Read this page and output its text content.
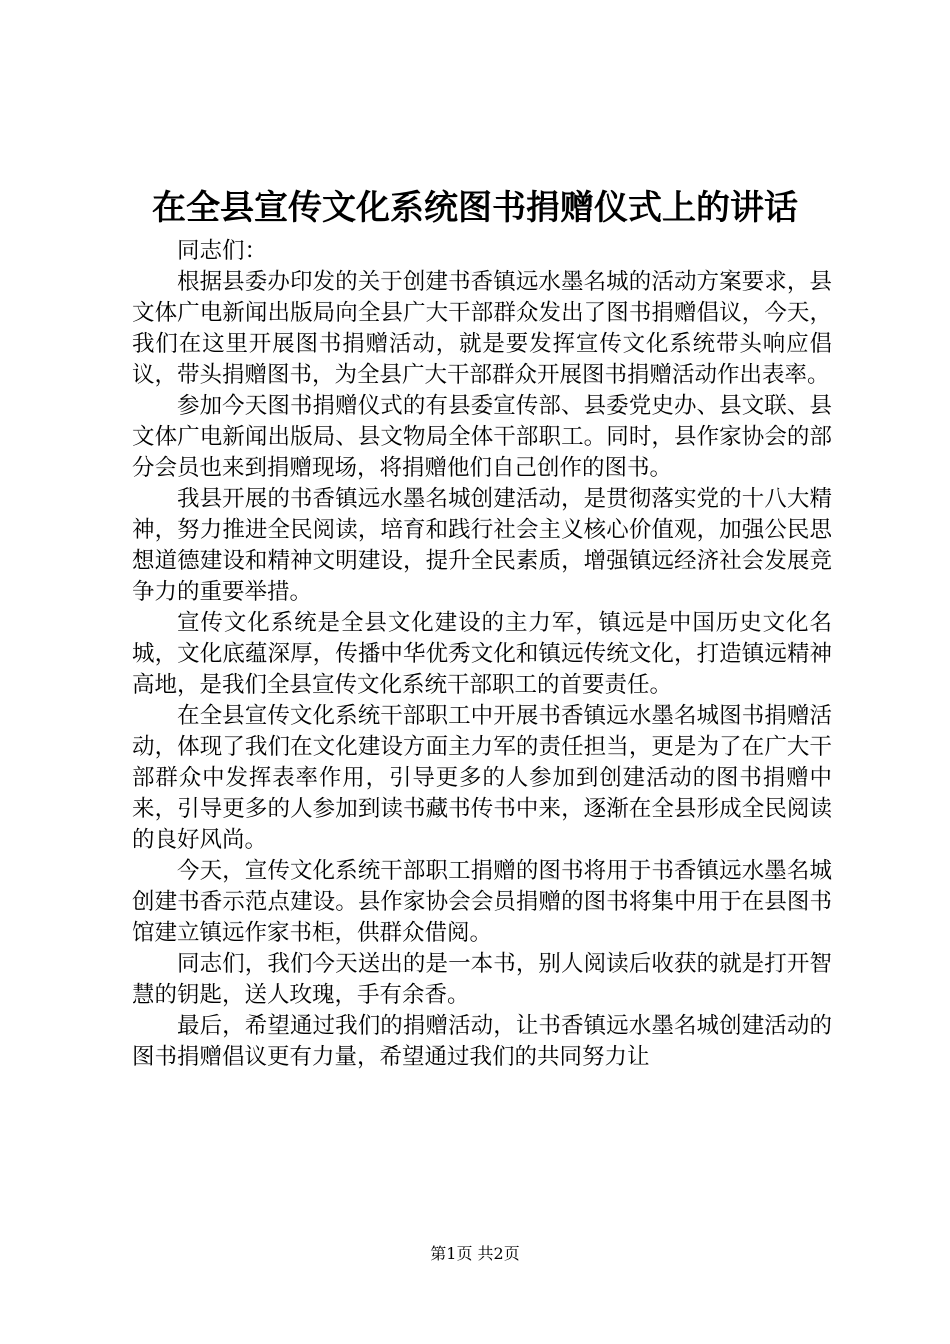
在全县宣传文化系统图书捐赠仪式上的讲话

同志们：

根据县委办印发的关于创建书香镇远水墨名城的活动方案要求，县文体广电新闻出版局向全县广大干部群众发出了图书捐赠倡议，今天，我们在这里开展图书捐赠活动，就是要发挥宣传文化系统带头响应倡议，带头捐赠图书，为全县广大干部群众开展图书捐赠活动作出表率。

参加今天图书捐赠仪式的有县委宣传部、县委党史办、县文联、县文体广电新闻出版局、县文物局全体干部职工。同时，县作家协会的部分会员也来到捐赠现场，将捐赠他们自己创作的图书。

我县开展的书香镇远水墨名城创建活动，是贯彻落实党的十八大精神，努力推进全民阅读，培育和践行社会主义核心价值观，加强公民思想道德建设和精神文明建设，提升全民素质，增强镇远经济社会发展竞争力的重要举措。

宣传文化系统是全县文化建设的主力军，镇远是中国历史文化名城，文化底蕴深厚，传播中华优秀文化和镇远传统文化，打造镇远精神高地，是我们全县宣传文化系统干部职工的首要责任。

在全县宣传文化系统干部职工中开展书香镇远水墨名城图书捐赠活动，体现了我们在文化建设方面主力军的责任担当，更是为了在广大干部群众中发挥表率作用，引导更多的人参加到创建活动的图书捐赠中来，引导更多的人参加到读书藏书传书中来，逐渐在全县形成全民阅读的良好风尚。

今天，宣传文化系统干部职工捐赠的图书将用于书香镇远水墨名城创建书香示范点建设。县作家协会会员捐赠的图书将集中用于在县图书馆建立镇远作家书柜，供群众借阅。

同志们，我们今天送出的是一本书，别人阅读后收获的就是打开智慧的钥匙，送人玫瑰，手有余香。

最后，希望通过我们的捐赠活动，让书香镇远水墨名城创建活动的图书捐赠倡议更有力量，希望通过我们的共同努力让

第1页 共2页
